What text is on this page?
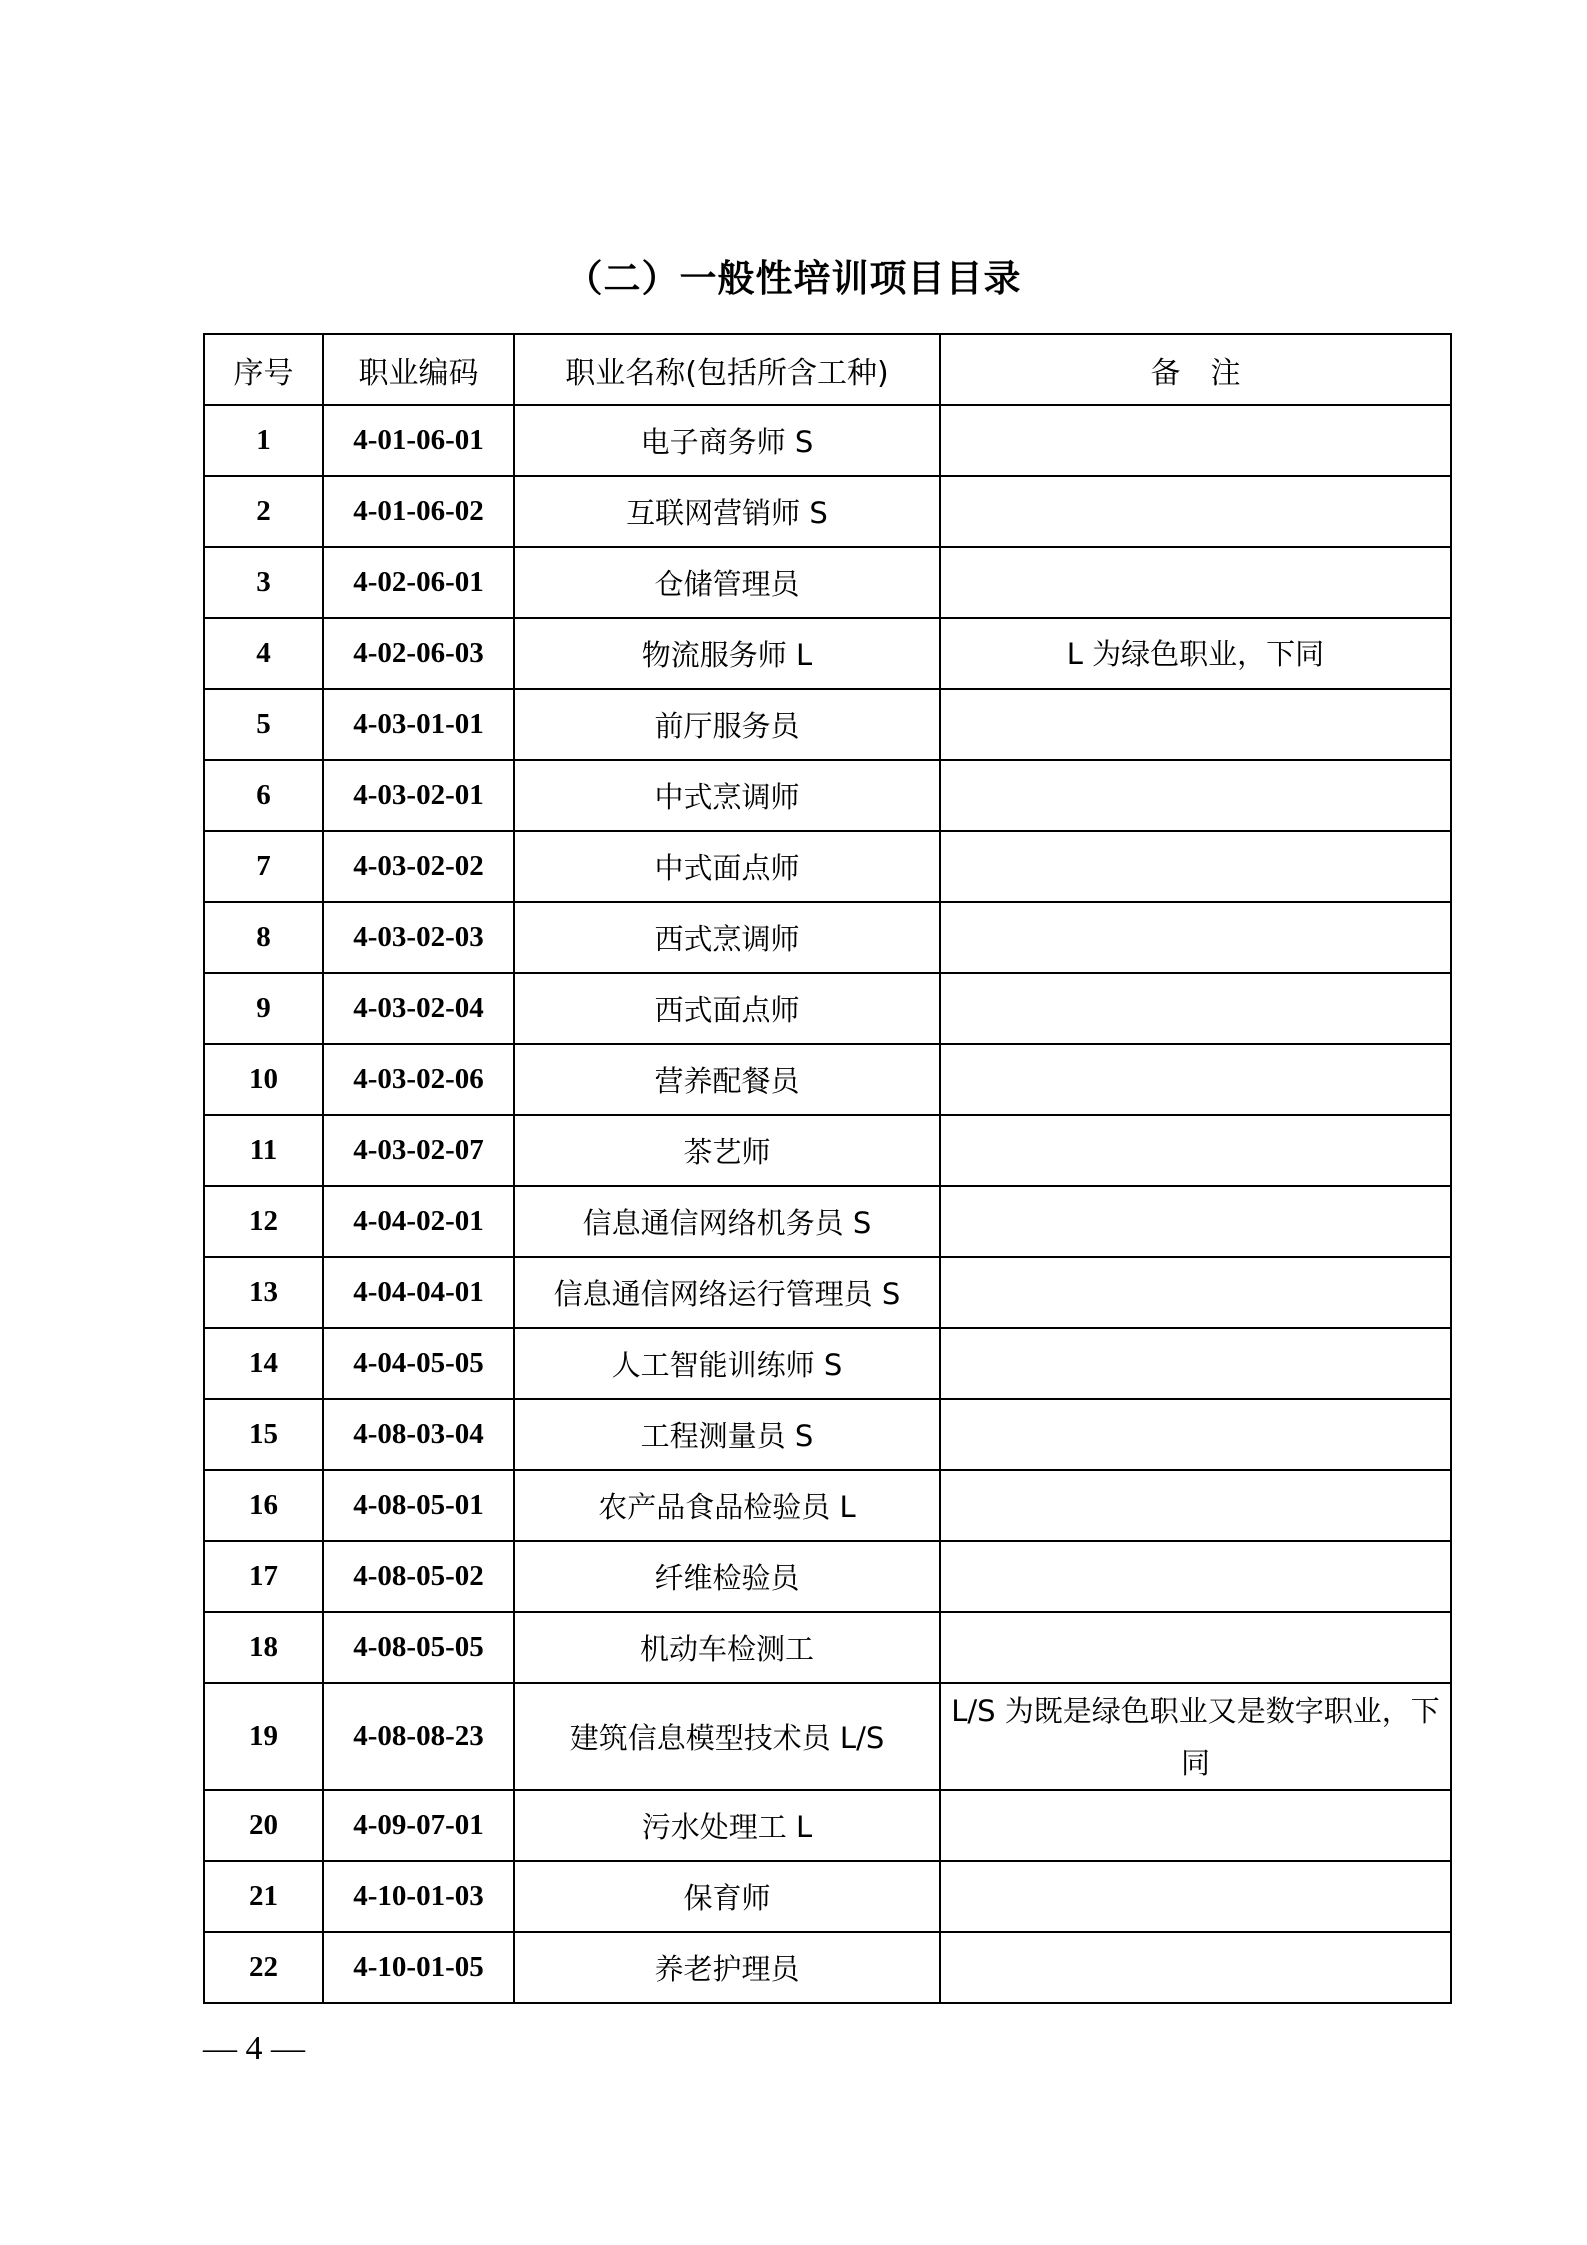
（二）一般性培训项目目录
序号	职业编码	职业名称(包括所含工种)	备　注
1	4-01-06-01	电子商务师 S	
2	4-01-06-02	互联网营销师 S	
3	4-02-06-01	仓储管理员	
4	4-02-06-03	物流服务师 L	L 为绿色职业，下同
5	4-03-01-01	前厅服务员	
6	4-03-02-01	中式烹调师	
7	4-03-02-02	中式面点师	
8	4-03-02-03	西式烹调师	
9	4-03-02-04	西式面点师	
10	4-03-02-06	营养配餐员	
11	4-03-02-07	茶艺师	
12	4-04-02-01	信息通信网络机务员 S	
13	4-04-04-01	信息通信网络运行管理员 S	
14	4-04-05-05	人工智能训练师 S	
15	4-08-03-04	工程测量员 S	
16	4-08-05-01	农产品食品检验员 L	
17	4-08-05-02	纤维检验员	
18	4-08-05-05	机动车检测工	
19	4-08-08-23	建筑信息模型技术员 L/S	L/S 为既是绿色职业又是数字职业，下同
20	4-09-07-01	污水处理工 L	
21	4-10-01-03	保育师	
22	4-10-01-05	养老护理员	
— 4 —
